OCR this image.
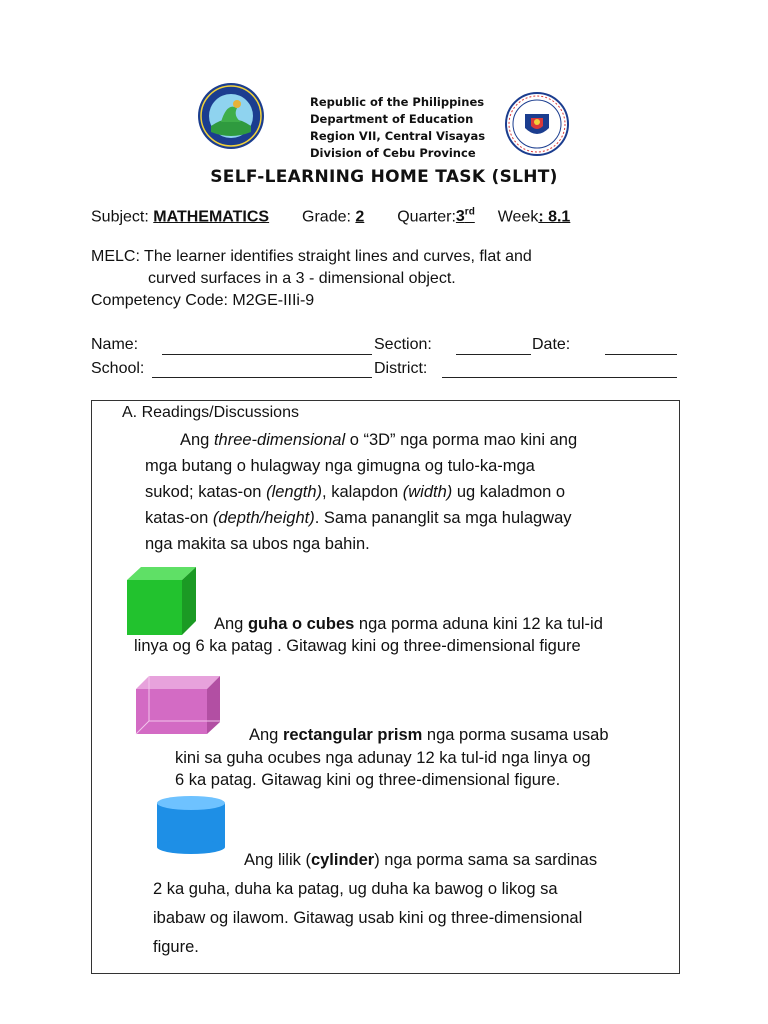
Republic of the Philippines
Department of Education
Region VII, Central Visayas
Division of Cebu Province
SELF-LEARNING HOME TASK (SLHT)
Subject: MATHEMATICS Grade: 2 Quarter:3rd Week: 8.1
MELC: The learner identifies straight lines and curves, flat and
curved surfaces in a 3 - dimensional object.
Competency Code: M2GE-IIIi-9
Name:	Section:	Date:
School:	District:
A. Readings/Discussions
Ang three-dimensional o “3D” nga porma mao kini ang
mga butang o hulagway nga gimugna og tulo-ka-mga
sukod; katas-on (length), kalapdon (width) ug kaladmon o
katas-on (depth/height). Sama pananglit sa mga hulagway
nga makita sa ubos nga bahin.
Ang guha o cubes nga porma aduna kini 12 ka tul-id
linya og 6 ka patag . Gitawag kini og three-dimensional figure
Ang rectangular prism nga porma susama usab
kini sa guha ocubes nga adunay 12 ka tul-id nga linya og
6 ka patag. Gitawag kini og three-dimensional figure.
Ang lilik (cylinder) nga porma sama sa sardinas
2 ka guha, duha ka patag, ug duha ka bawog o likog sa
ibabaw og ilawom. Gitawag usab kini og three-dimensional
figure.
